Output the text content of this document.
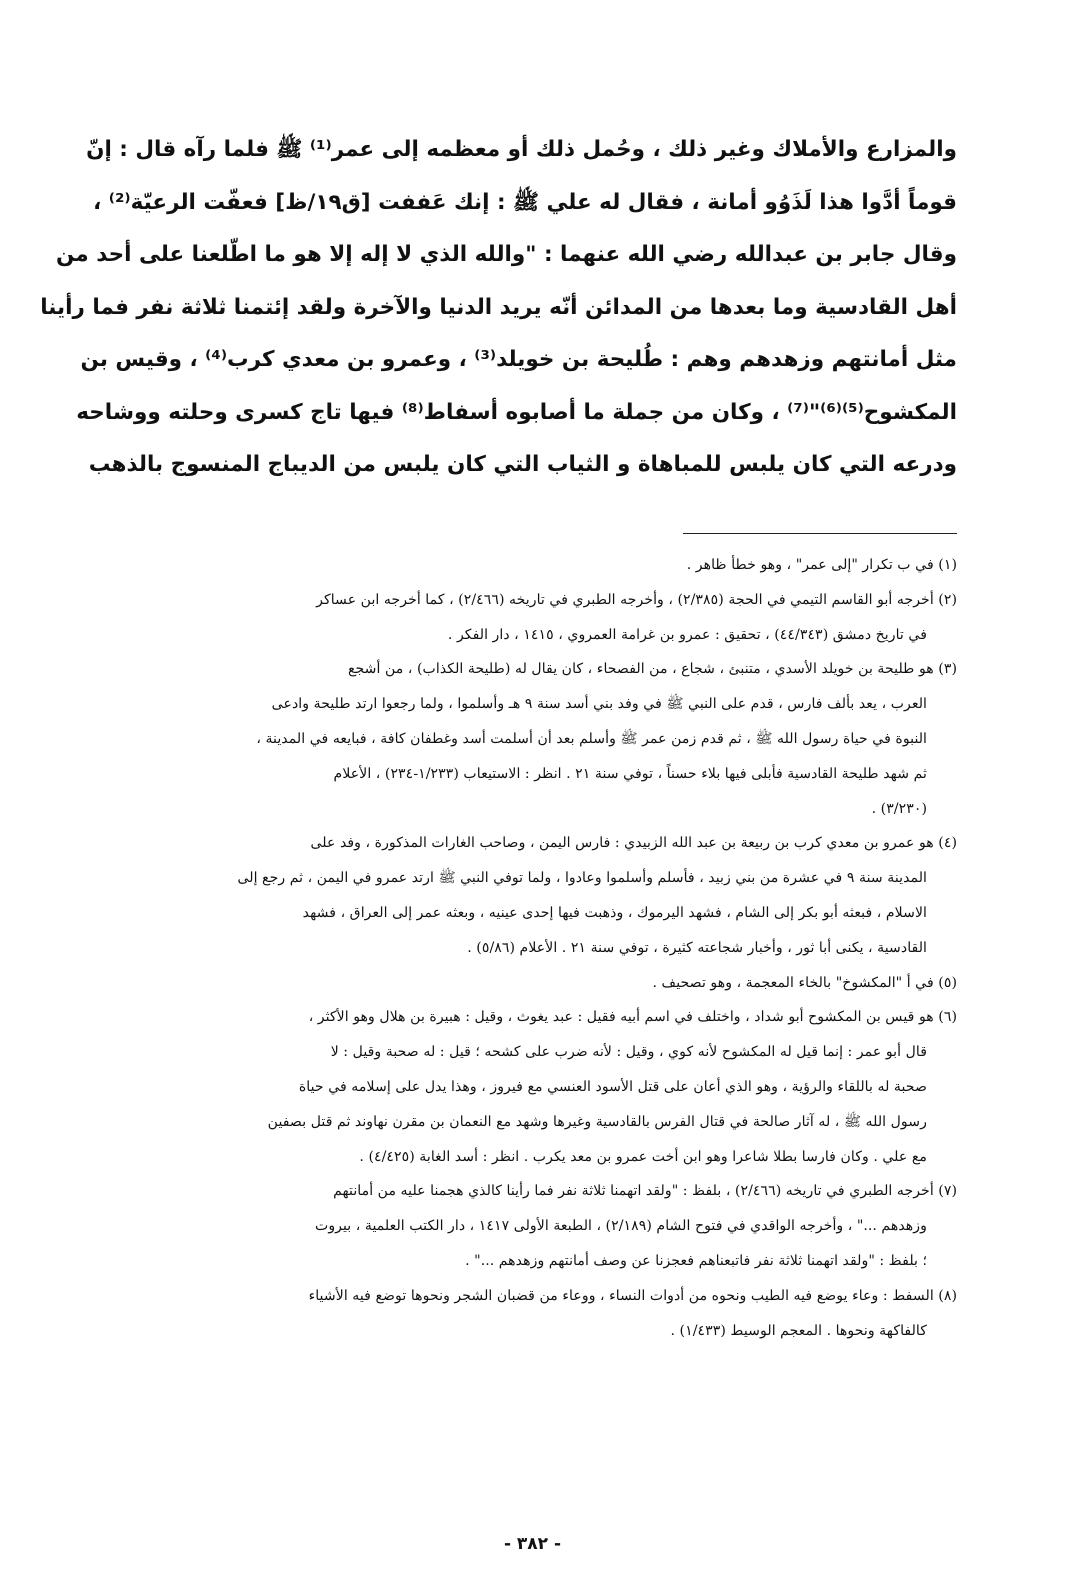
والمزارع والأملاك وغير ذلك ، وحُمل ذلك أو معظمه إلى عمر⁽¹⁾ ﷺ فلما رآه قال : إنّ
قوماً أدَّوا هذا لَذَوُو أمانة ، فقال له علي ﷺ : إنك عَففت [ق١٩/ظ] فعفّت الرعيّة⁽²⁾ ،
وقال جابر بن عبدالله رضي الله عنهما : "والله الذي لا إله إلا هو ما اطّلعنا على أحد من
أهل القادسية وما بعدها من المدائن أنّه يريد الدنيا والآخرة ولقد إئتمنا ثلاثة نفر فما رأينا
مثل أمانتهم وزهدهم وهم : طُليحة بن خويلد⁽³⁾ ، وعمرو بن معدي كرب⁽⁴⁾ ، وقيس بن
المكشوح⁽⁵⁾⁽⁶⁾"⁽⁷⁾ ، وكان من جملة ما أصابوه أسفاط⁽⁸⁾ فيها تاج كسرى وحلته ووشاحه
ودرعه التي كان يلبس للمباهاة و الثياب التي كان يلبس من الديباج المنسوج بالذهب
(١) في ب تكرار "إلى عمر" ، وهو خطأ ظاهر .
(٢) أخرجه أبو القاسم التيمي في الحجة (٢/٣٨٥) ، وأخرجه الطبري في تاريخه (٢/٤٦٦) ، كما أخرجه ابن عساكر
في تاريخ دمشق (٤٤/٣٤٣) ، تحقيق : عمرو بن غرامة العمروي ، ١٤١٥ ، دار الفكر .
(٣) هو طليحة بن خويلد الأسدي ، متنبئ ، شجاع ، من الفصحاء ، كان يقال له (طليحة الكذاب) ، من أشجع
العرب ، يعد بألف فارس ، قدم على النبي ﷺ في وفد بني أسد سنة ٩ هـ وأسلموا ، ولما رجعوا ارتد طليحة وادعى
النبوة في حياة رسول الله ﷺ ، ثم قدم زمن عمر ﷺ وأسلم بعد أن أسلمت أسد وغطفان كافة ، فبايعه في المدينة ،
ثم شهد طليحة القادسية فأبلى فيها بلاء حسناً ، توفي سنة ٢١ . انظر : الاستيعاب (١/٢٣٣-٢٣٤) ، الأعلام
(٣/٢٣٠) .
(٤) هو عمرو بن معدي كرب بن ربيعة بن عبد الله الزبيدي : فارس اليمن ، وصاحب الغارات المذكورة ، وفد على
المدينة سنة ٩ في عشرة من بني زبيد ، فأسلم وأسلموا وعادوا ، ولما توفي النبي ﷺ ارتد عمرو في اليمن ، ثم رجع إلى
الاسلام ، فبعثه أبو بكر إلى الشام ، فشهد اليرموك ، وذهبت فيها إحدى عينيه ، وبعثه عمر إلى العراق ، فشهد
القادسية ، يكنى أبا ثور ، وأخبار شجاعته كثيرة ، توفي سنة ٢١ . الأعلام (٥/٨٦) .
(٥) في أ "المكشوخ" بالخاء المعجمة ، وهو تصحيف .
(٦) هو قيس بن المكشوح أبو شداد ، واختلف في اسم أبيه فقيل : عبد يغوث ، وقيل : هبيرة بن هلال وهو الأكثر ،
قال أبو عمر : إنما قيل له المكشوح لأنه كوي ، وقيل : لأنه ضرب على كشحه ؛ قيل : له صحبة وقيل : لا
صحبة له باللقاء والرؤية ، وهو الذي أعان على قتل الأسود العنسي مع فيروز ، وهذا يدل على إسلامه في حياة
رسول الله ﷺ ، له آثار صالحة في قتال الفرس بالقادسية وغيرها وشهد مع النعمان بن مقرن نهاوند ثم قتل بصفين
مع علي . وكان فارسا بطلا شاعرا وهو ابن أخت عمرو بن معد يكرب . انظر : أسد الغابة (٤/٤٢٥) .
(٧) أخرجه الطبري في تاريخه (٢/٤٦٦) ، بلفظ : "ولقد اتهمنا ثلاثة نفر فما رأينا كالذي هجمنا عليه من أمانتهم
وزهدهم ..." ، وأخرجه الواقدي في فتوح الشام (٢/١٨٩) ، الطبعة الأولى ١٤١٧ ، دار الكتب العلمية ، بيروت
؛ بلفظ : "ولقد اتهمنا ثلاثة نفر فاتبعناهم فعجزنا عن وصف أمانتهم وزهدهم ..." .
(٨) السفط : وعاء يوضع فيه الطيب ونحوه من أدوات النساء ، ووعاء من قضبان الشجر ونحوها توضع فيه الأشياء
كالفاكهة ونحوها . المعجم الوسيط (١/٤٣٣) .
- ٣٨٢ -
